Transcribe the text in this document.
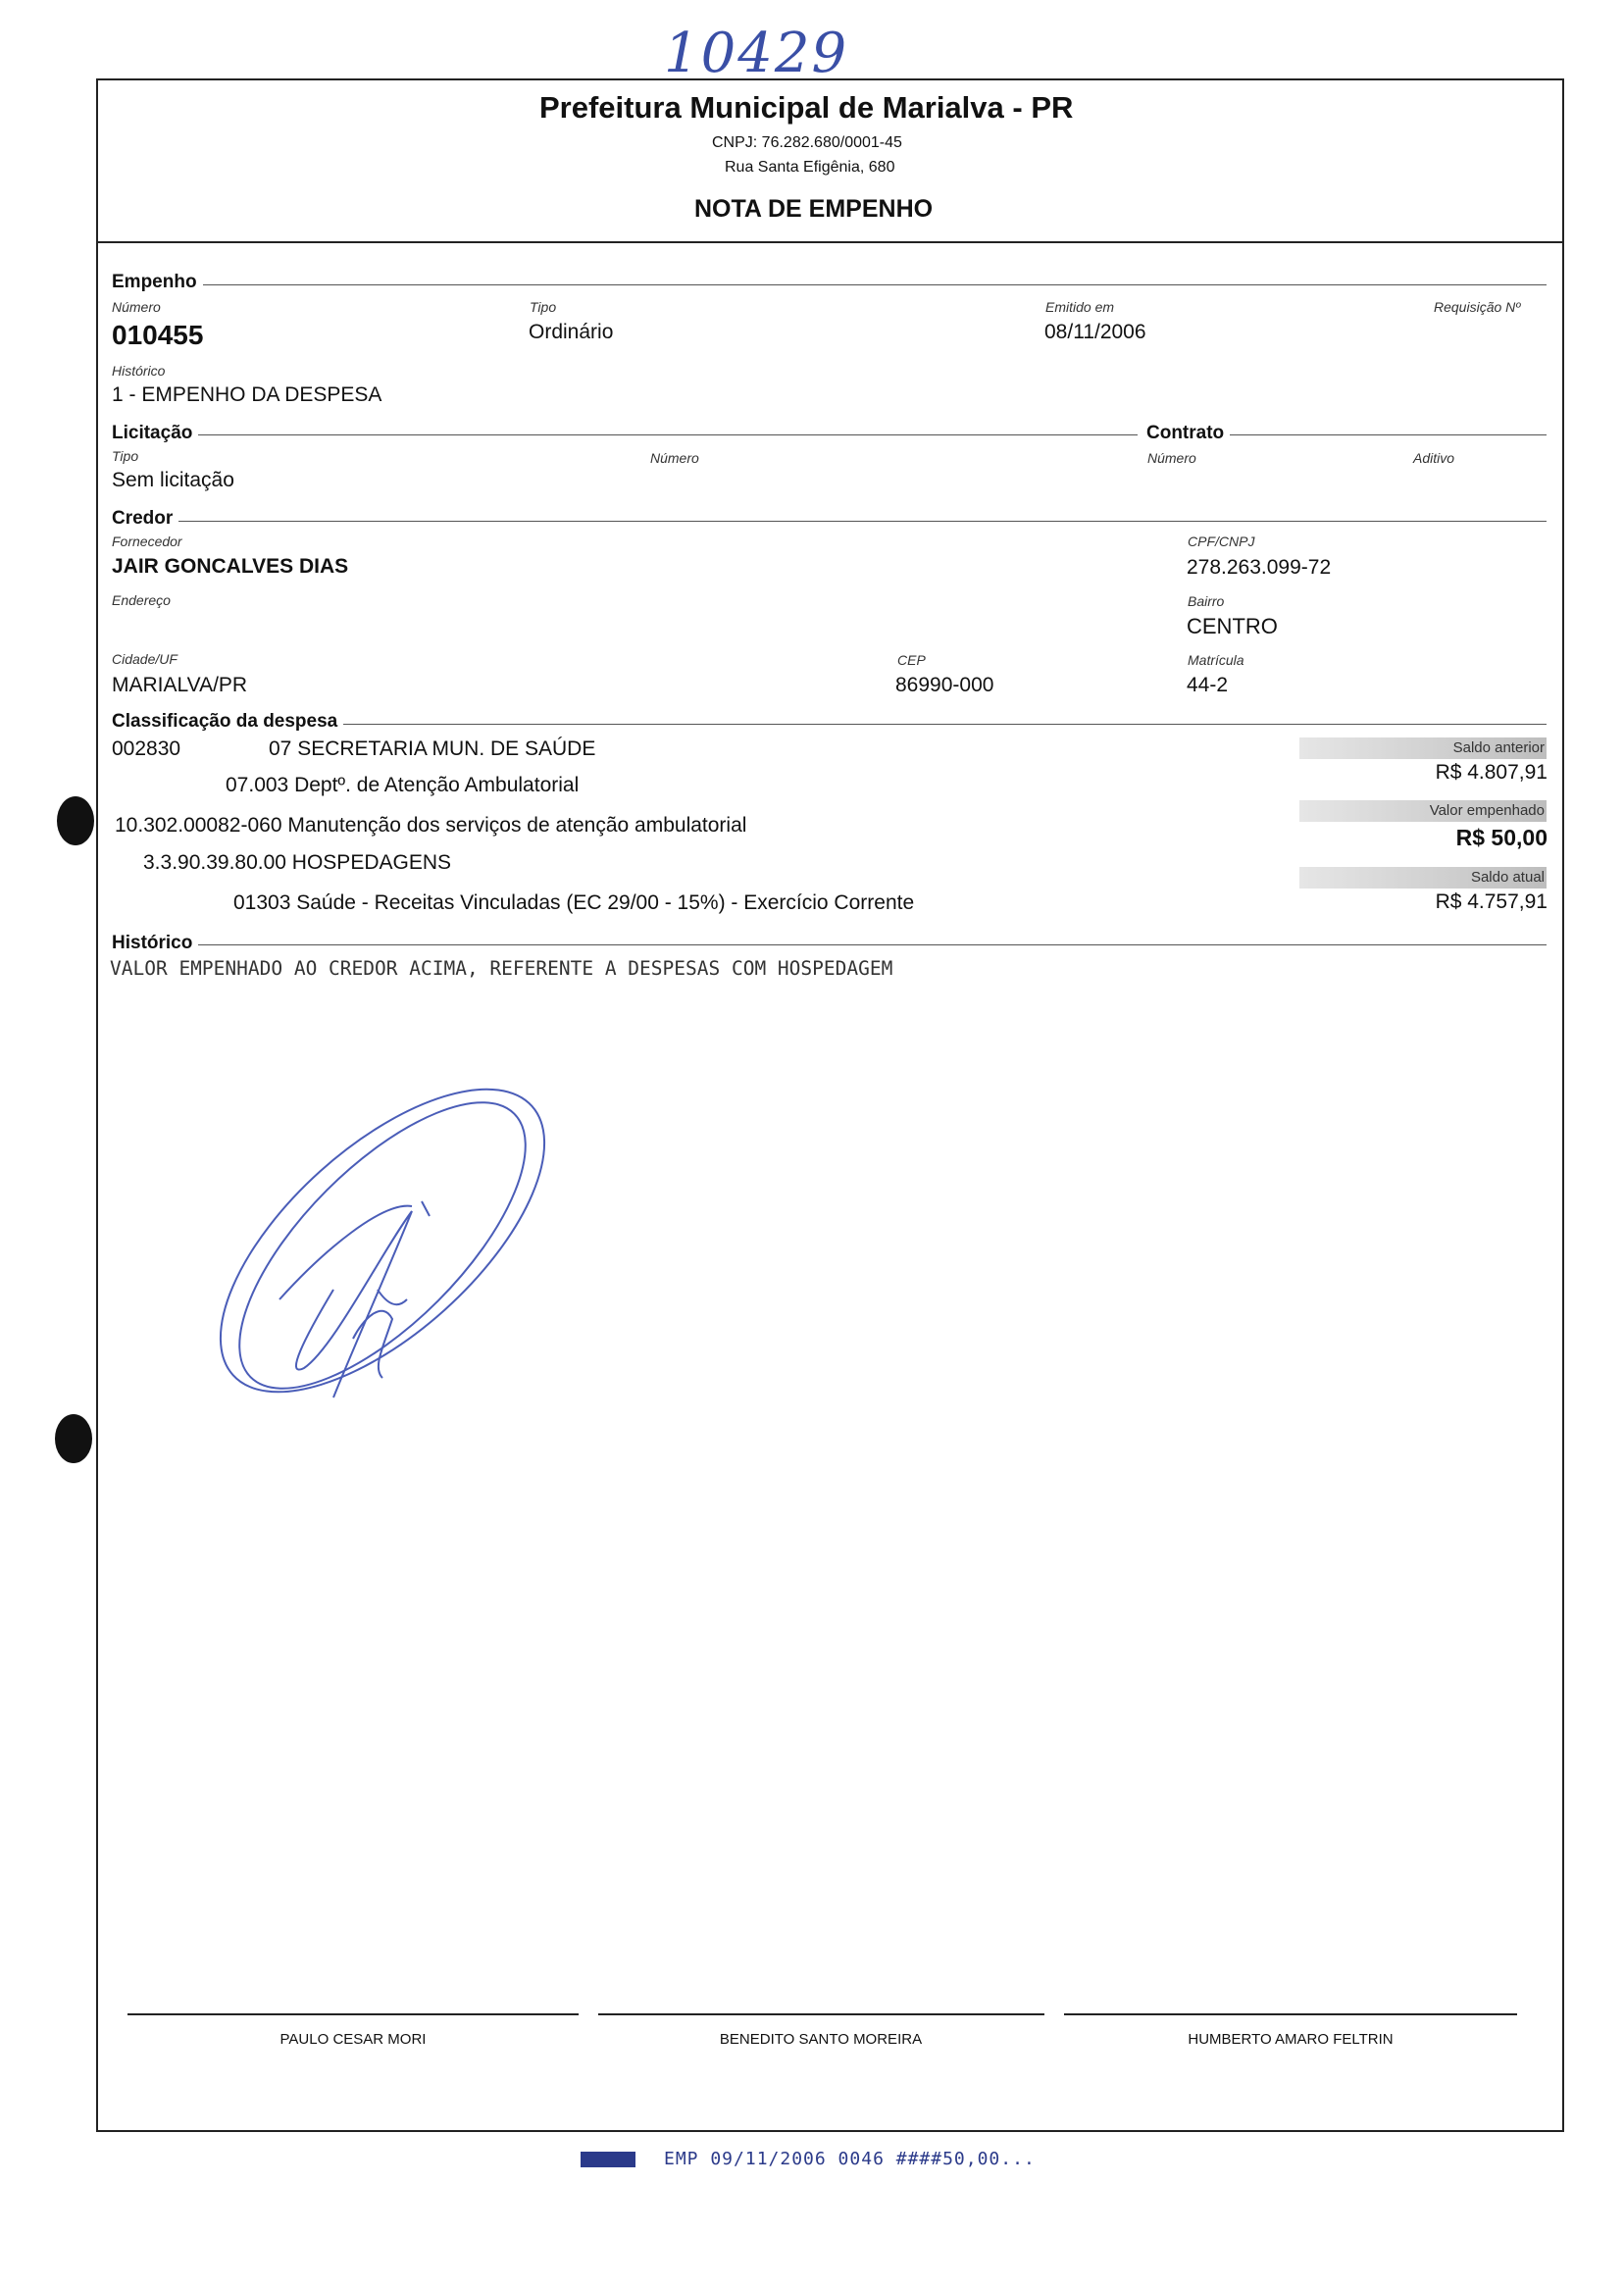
10429
Prefeitura Municipal de Marialva - PR
CNPJ: 76.282.680/0001-45
Rua Santa Efigênia, 680
NOTA DE EMPENHO
Empenho
Número
010455
Tipo
Ordinário
Emitido em
08/11/2006
Requisição Nº
Histórico
1 - EMPENHO DA DESPESA
Licitação	Contrato
Tipo
Sem licitação
Número	Número	Aditivo
Credor
Fornecedor
JAIR GONCALVES DIAS
CPF/CNPJ
278.263.099-72
Endereço	Bairro
CENTRO
Cidade/UF
MARIALVA/PR
CEP
86990-000
Matrícula
44-2
Classificação da despesa
002830	07 SECRETARIA MUN. DE SAÚDE
07.003 Deptº. de Atenção Ambulatorial
10.302.00082-060 Manutenção dos serviços de atenção ambulatorial
3.3.90.39.80.00 HOSPEDAGENS
01303 Saúde - Receitas Vinculadas (EC 29/00 - 15%) - Exercício Corrente
Saldo anterior
R$ 4.807,91
Valor empenhado
R$ 50,00
Saldo atual
R$ 4.757,91
Histórico
VALOR EMPENHADO AO CREDOR ACIMA, REFERENTE A DESPESAS COM HOSPEDAGEM
PAULO CESAR MORI	BENEDITO SANTO MOREIRA	HUMBERTO AMARO FELTRIN
EMP 09/11/2006 0046 ####50,00...
